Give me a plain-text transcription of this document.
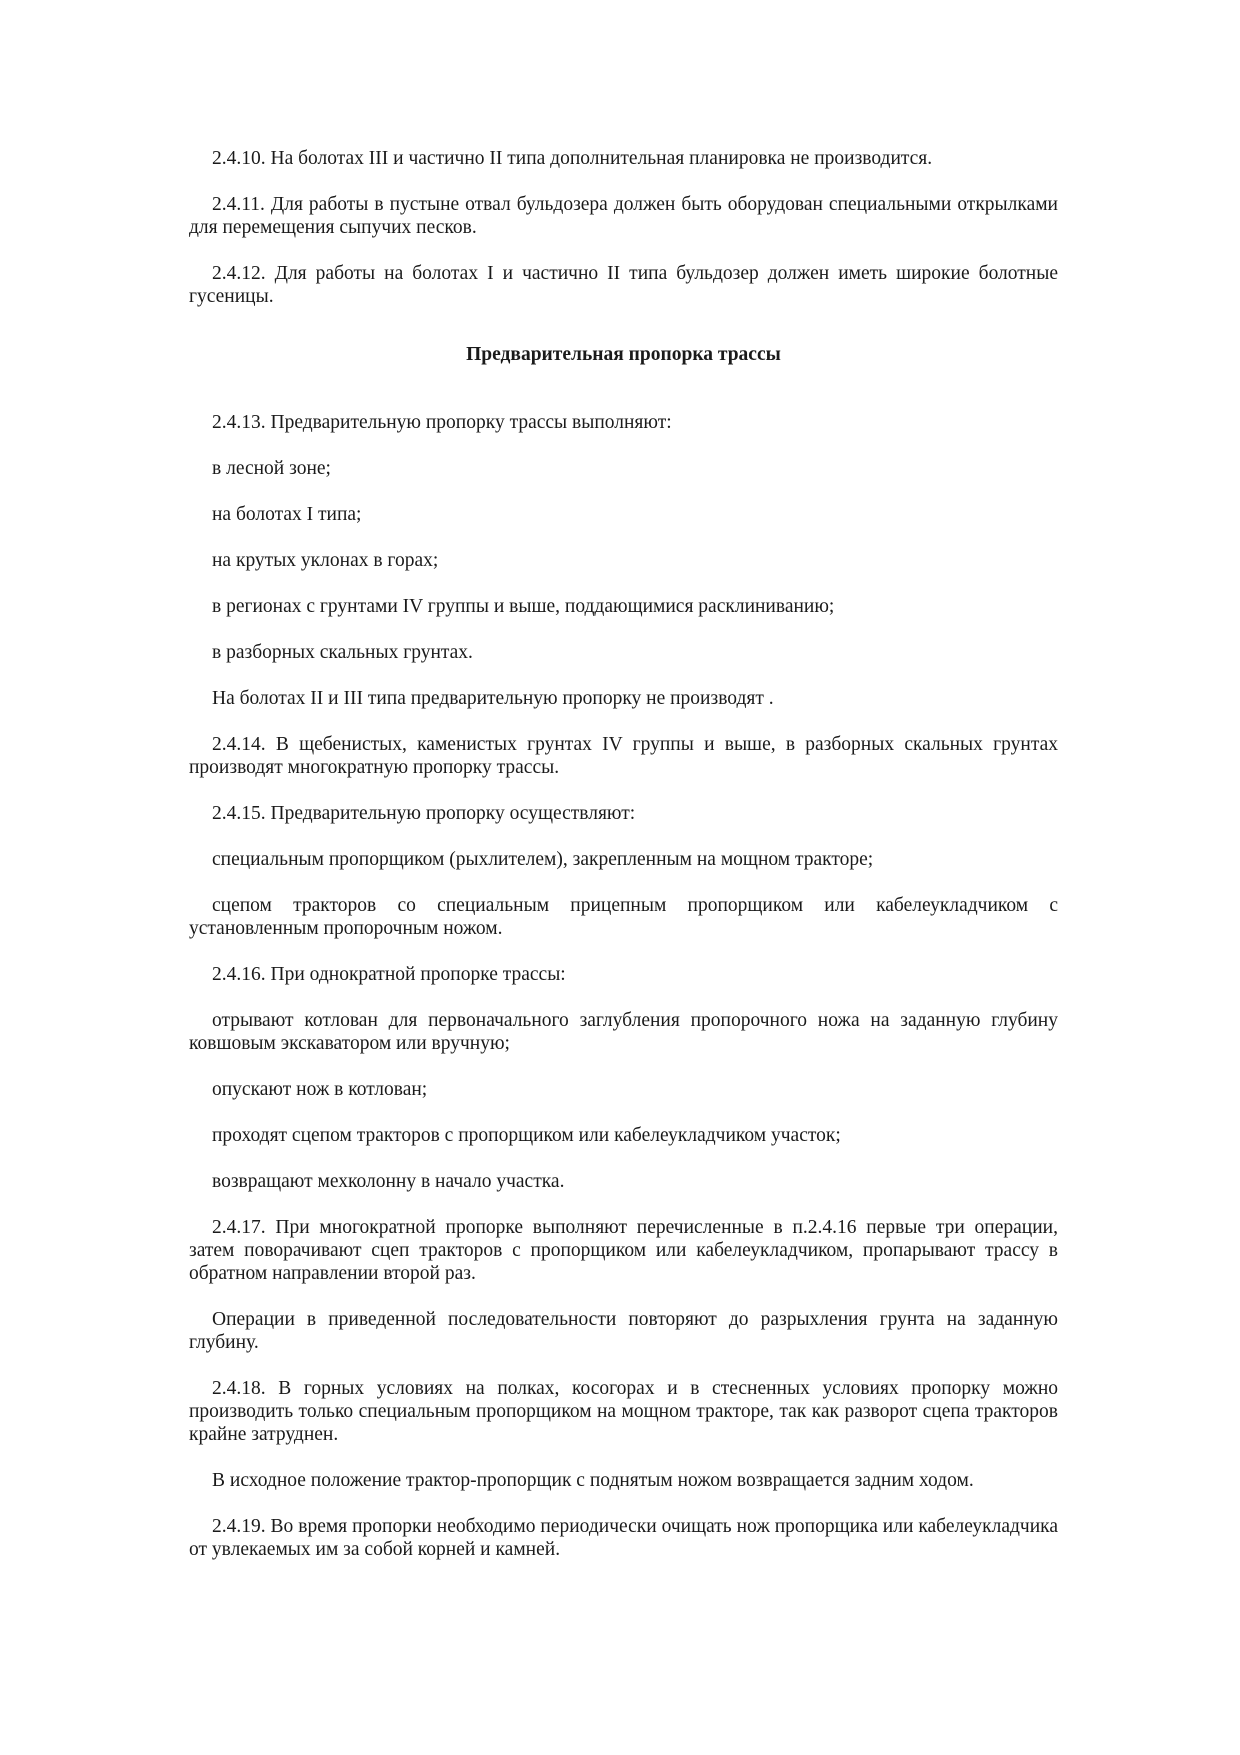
2.4.10. На болотах III и частично II типа дополнительная планировка не производится.

2.4.11. Для работы в пустыне отвал бульдозера должен быть оборудован специальными открылками для перемещения сыпучих песков.

2.4.12. Для работы на болотах I и частично II типа бульдозер должен иметь широкие болотные гусеницы.

Предварительная пропорка трассы

2.4.13. Предварительную пропорку трассы выполняют:

в лесной зоне;

на болотах I типа;

на крутых уклонах в горах;

в регионах с грунтами IV группы и выше, поддающимися расклиниванию;

в разборных скальных грунтах.

На болотах II и III типа предварительную пропорку не производят .

2.4.14. В щебенистых, каменистых грунтах IV группы и выше, в разборных скальных грунтах производят многократную пропорку трассы.

2.4.15. Предварительную пропорку осуществляют:

специальным пропорщиком (рыхлителем), закрепленным на мощном тракторе;

сцепом тракторов со специальным прицепным пропорщиком или кабелеукладчиком с установленным пропорочным ножом.

2.4.16. При однократной пропорке трассы:

отрывают котлован для первоначального заглубления пропорочного ножа на заданную глубину ковшовым экскаватором или вручную;

опускают нож в котлован;

проходят сцепом тракторов с пропорщиком или кабелеукладчиком участок;

возвращают мехколонну в начало участка.

2.4.17. При многократной пропорке выполняют перечисленные в п.2.4.16 первые три операции, затем поворачивают сцеп тракторов с пропорщиком или кабелеукладчиком, пропарывают трассу в обратном направлении второй раз.

Операции в приведенной последовательности повторяют до разрыхления грунта на заданную глубину.

2.4.18. В горных условиях на полках, косогорах и в стесненных условиях пропорку можно производить только специальным пропорщиком на мощном тракторе, так как разворот сцепа тракторов крайне затруднен.

В исходное положение трактор-пропорщик с поднятым ножом возвращается задним ходом.

2.4.19. Во время пропорки необходимо периодически очищать нож пропорщика или кабелеукладчика от увлекаемых им за собой корней и камней.
